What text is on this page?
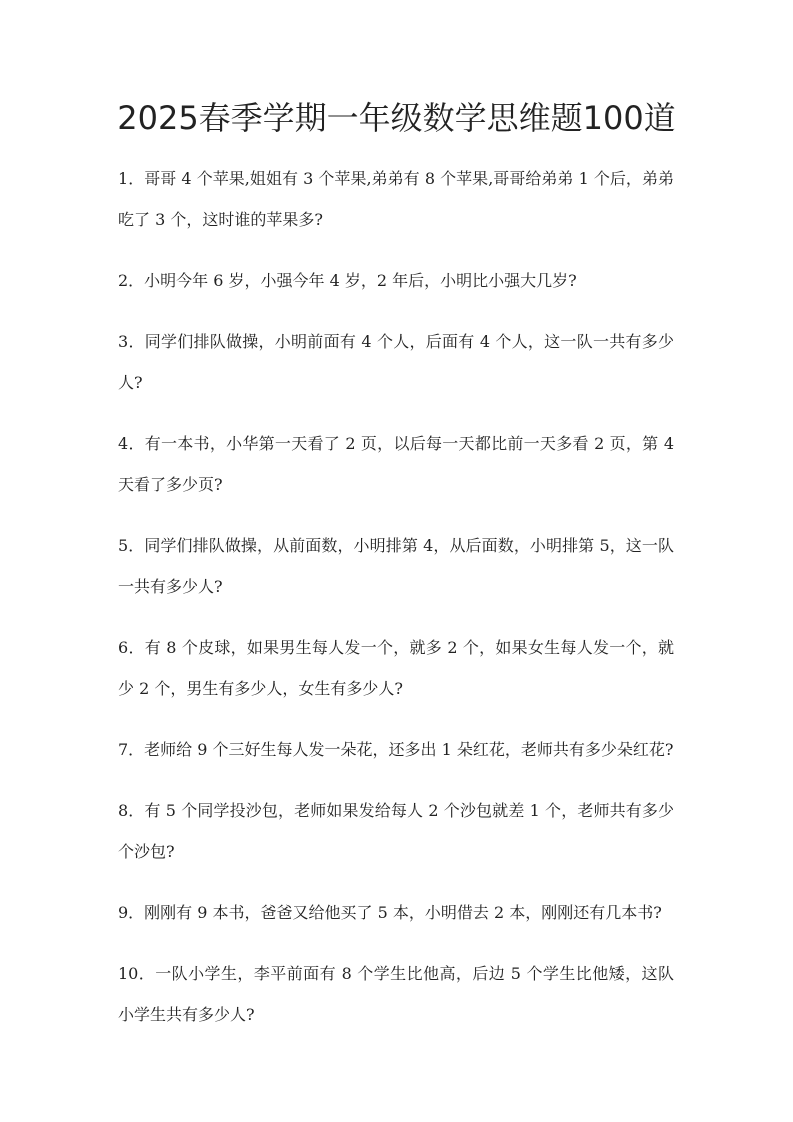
2025春季学期一年级数学思维题100道
1．哥哥 4 个苹果,姐姐有 3 个苹果,弟弟有 8 个苹果,哥哥给弟弟 1 个后，弟弟吃了 3 个，这时谁的苹果多?
2．小明今年 6 岁，小强今年 4 岁，2 年后，小明比小强大几岁?
3．同学们排队做操，小明前面有 4 个人，后面有 4 个人，这一队一共有多少人?
4．有一本书，小华第一天看了 2 页，以后每一天都比前一天多看 2 页，第 4 天看了多少页?
5．同学们排队做操，从前面数，小明排第 4，从后面数，小明排第 5，这一队一共有多少人?
6．有 8 个皮球，如果男生每人发一个，就多 2 个，如果女生每人发一个，就少 2 个，男生有多少人，女生有多少人?
7．老师给 9 个三好生每人发一朵花，还多出 1 朵红花，老师共有多少朵红花?
8．有 5 个同学投沙包，老师如果发给每人 2 个沙包就差 1 个，老师共有多少个沙包?
9．刚刚有 9 本书，爸爸又给他买了 5 本，小明借去 2 本，刚刚还有几本书?
10．一队小学生，李平前面有 8 个学生比他高，后边 5 个学生比他矮，这队小学生共有多少人?
